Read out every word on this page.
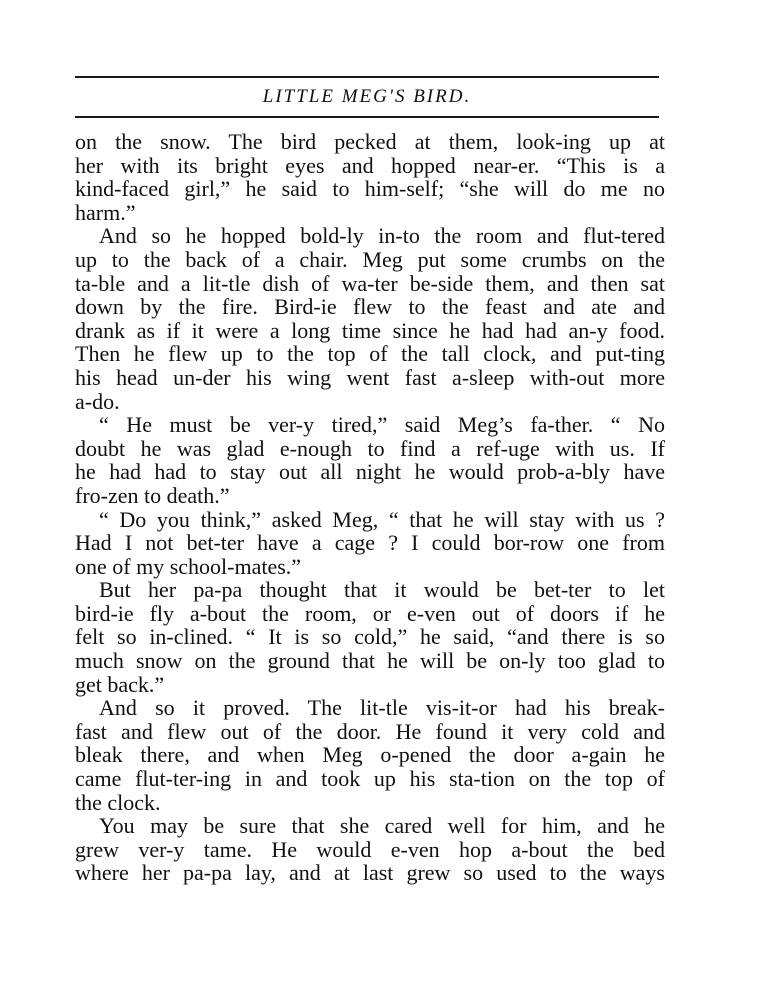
LITTLE MEG'S BIRD.
on the snow. The bird pecked at them, look-ing up at
her with its bright eyes and hopped near-er. “This is a
kind-faced girl,” he said to him-self; “she will do me no
harm.”
And so he hopped bold-ly in-to the room and flut-tered
up to the back of a chair. Meg put some crumbs on the
ta-ble and a lit-tle dish of wa-ter be-side them, and then sat
down by the fire. Bird-ie flew to the feast and ate and
drank as if it were a long time since he had had an-y food.
Then he flew up to the top of the tall clock, and put-ting
his head un-der his wing went fast a-sleep with-out more
a-do.
“ He must be ver-y tired,” said Meg’s fa-ther. “ No
doubt he was glad e-nough to find a ref-uge with us. If
he had had to stay out all night he would prob-a-bly have
fro-zen to death.”
“ Do you think,” asked Meg, “ that he will stay with us ?
Had I not bet-ter have a cage ? I could bor-row one from
one of my school-mates.”
But her pa-pa thought that it would be bet-ter to let
bird-ie fly a-bout the room, or e-ven out of doors if he
felt so in-clined. “ It is so cold,” he said, “and there is so
much snow on the ground that he will be on-ly too glad to
get back.”
And so it proved. The lit-tle vis-it-or had his break-
fast and flew out of the door. He found it very cold and
bleak there, and when Meg o-pened the door a-gain he
came flut-ter-ing in and took up his sta-tion on the top of
the clock.
You may be sure that she cared well for him, and he
grew ver-y tame. He would e-ven hop a-bout the bed
where her pa-pa lay, and at last grew so used to the ways
